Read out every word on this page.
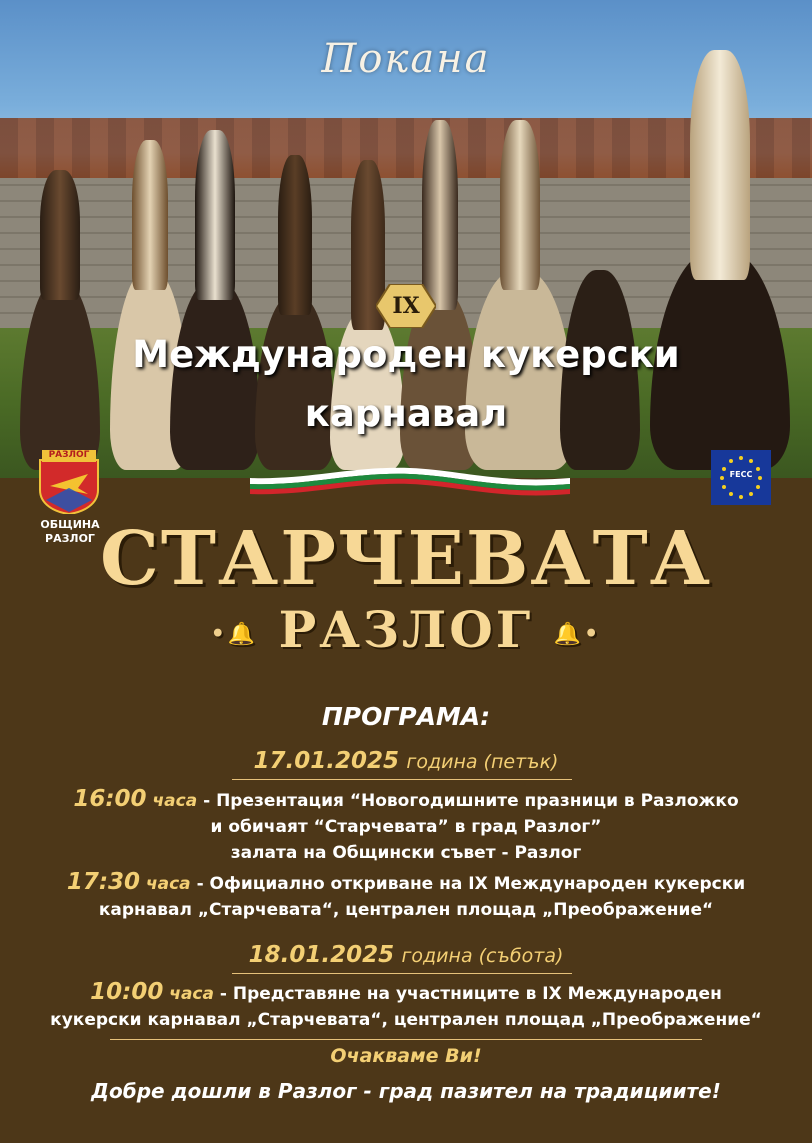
Покана
IX
Международен кукерски
карнавал
РАЗЛОГ
ОБЩИНА
РАЗЛОГ
FECC
СТАРЧЕВАТА
•🔔 РАЗЛОГ 🔔•
ПРОГРАМА:
17.01.2025 година (петък)
16:00 часа - Презентация “Новогодишните празници в Разложко
и обичаят “Старчевата” в град Разлог”
залата на Общински съвет - Разлог
17:30 часа - Официално откриване на IX Международен кукерски
карнавал „Старчевата“, централен площад „Преображение“
18.01.2025 година (събота)
10:00 часа - Представяне на участниците в IX Международен
кукерски карнавал „Старчевата“, централен площад „Преображение“
Очакваме Ви!
Добре дошли в Разлог - град пазител на традициите!
